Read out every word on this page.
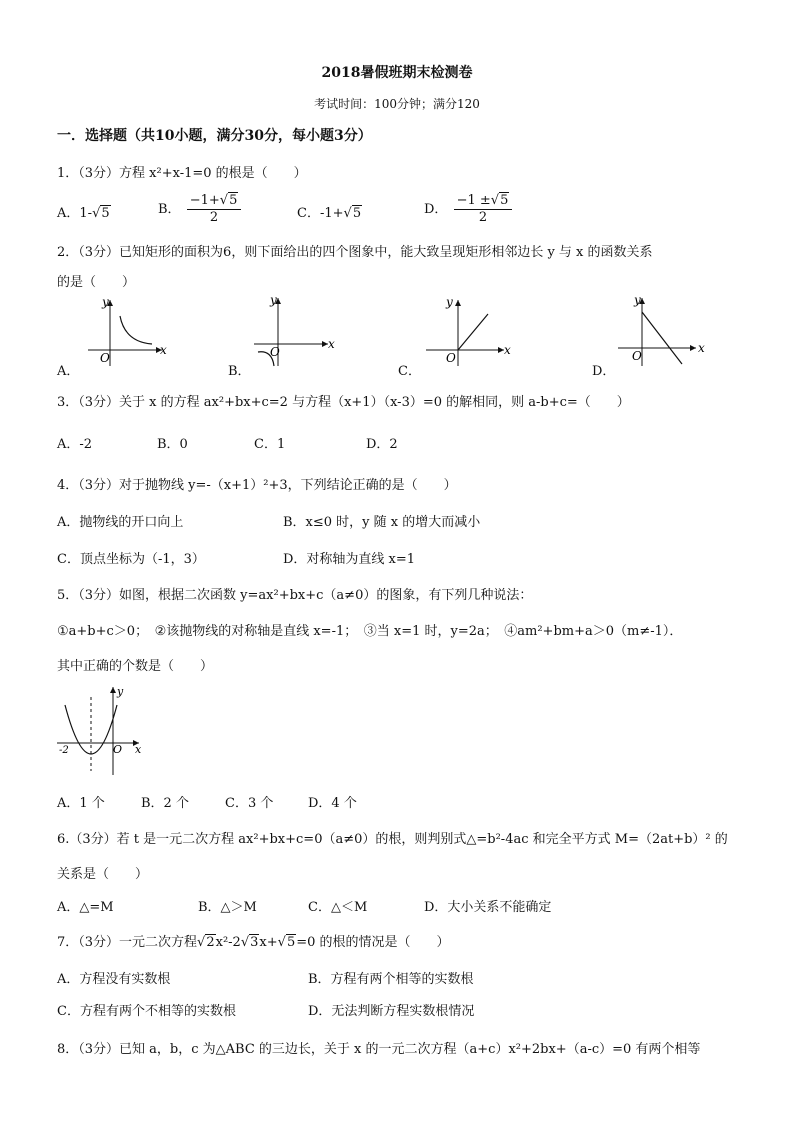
2018暑假班期末检测卷
考试时间：100分钟；满分120
一．选择题（共10小题，满分30分，每小题3分）
1．（3分）方程 x²+x-1=0 的根是（　　）
A．1-√5	B． $\frac{-1+√5}{2}$	C．-1+√5	D． $\frac{-1 \pm√5}{2}$
2．（3分）已知矩形的面积为6，则下面给出的四个图象中，能大致呈现矩形相邻边长 y 与 x 的函数关系
的是（　　）
A．
y
x
O
B．
y
x
O
C．
y
x
O
D．
y
x
O
3．（3分）关于 x 的方程 ax²+bx+c=2 与方程（x+1）（x-3）=0 的解相同，则 a-b+c=（　　）
A．-2	B．0	C．1	D．2
4．（3分）对于抛物线 y=-（x+1）²+3，下列结论正确的是（　　）
A．抛物线的开口向上	B．x≤0 时，y 随 x 的增大而减小
C．顶点坐标为（-1，3）	D．对称轴为直线 x=1
5．（3分）如图，根据二次函数 y=ax²+bx+c（a≠0）的图象，有下列几种说法：
①a+b+c＞0；　②该抛物线的对称轴是直线 x=-1；　③当 x=1 时，y=2a；　④am²+bm+a＞0（m≠-1）．
其中正确的个数是（　　）
y
x
O
-2
A．1 个	B．2 个	C．3 个	D．4 个
6.（3分）若 t 是一元二次方程 ax²+bx+c=0（a≠0）的根，则判别式△=b²-4ac 和完全平方式 M=（2at+b）² 的
关系是（　　）
A．△=M	B．△＞M	C．△＜M	D．大小关系不能确定
7．（3分）一元二次方程√2x²-2√3x+√5=0 的根的情况是（　　）
A．方程没有实数根	B．方程有两个相等的实数根
C．方程有两个不相等的实数根	D．无法判断方程实数根情况
8．（3分）已知 a，b，c 为△ABC 的三边长，关于 x 的一元二次方程（a+c）x²+2bx+（a-c）=0 有两个相等
